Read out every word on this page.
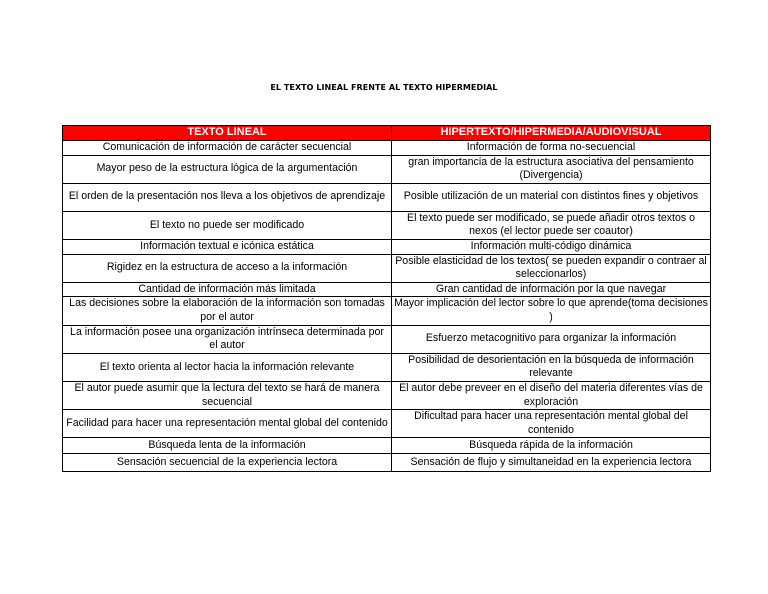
EL TEXTO LINEAL FRENTE AL TEXTO HIPERMEDIAL
TEXTO LINEAL	HIPERTEXTO/HIPERMEDIA/AUDIOVISUAL
Comunicación de información de carácter secuencial	Información de forma no-secuencial
Mayor peso de la estructura lógica de la argumentación	gran importancia de la estructura asociativa del pensamiento (Divergencia)
El orden de la presentación nos lleva a los objetivos de aprendizaje	Posible utilización de un material con distintos fines y objetivos
El texto no puede ser modificado	El texto puede ser modificado, se puede añadir otros textos o nexos (el lector puede ser coautor)
Información textual e icónica estática	Información multi-código dinámica
Rigidez en la estructura de acceso a la información	Posible elasticidad de los textos( se pueden expandir o contraer al seleccionarlos)
Cantidad de información más limitada	Gran cantidad de información por la que navegar
Las decisiones sobre la elaboración de la información son tomadas por el autor	Mayor implicación del lector sobre lo que aprende(toma decisiones )
La información posee una organización intrínseca determinada por el autor	Esfuerzo metacognitivo para organizar la información
El texto orienta al lector hacia la información relevante	Posibilidad de desorientación en la búsqueda de información relevante
El autor puede asumir que la lectura del texto se hará de manera secuencial	El autor debe preveer en el diseño del materia diferentes vías de exploración
Facilidad para hacer una representación mental global del contenido	Dificultad para hacer una representación mental global del contenido
Búsqueda lenta de la información	Búsqueda rápida de la información
Sensación secuencial de la experiencia lectora	Sensación de flujo y simultaneidad en la experiencia lectora
